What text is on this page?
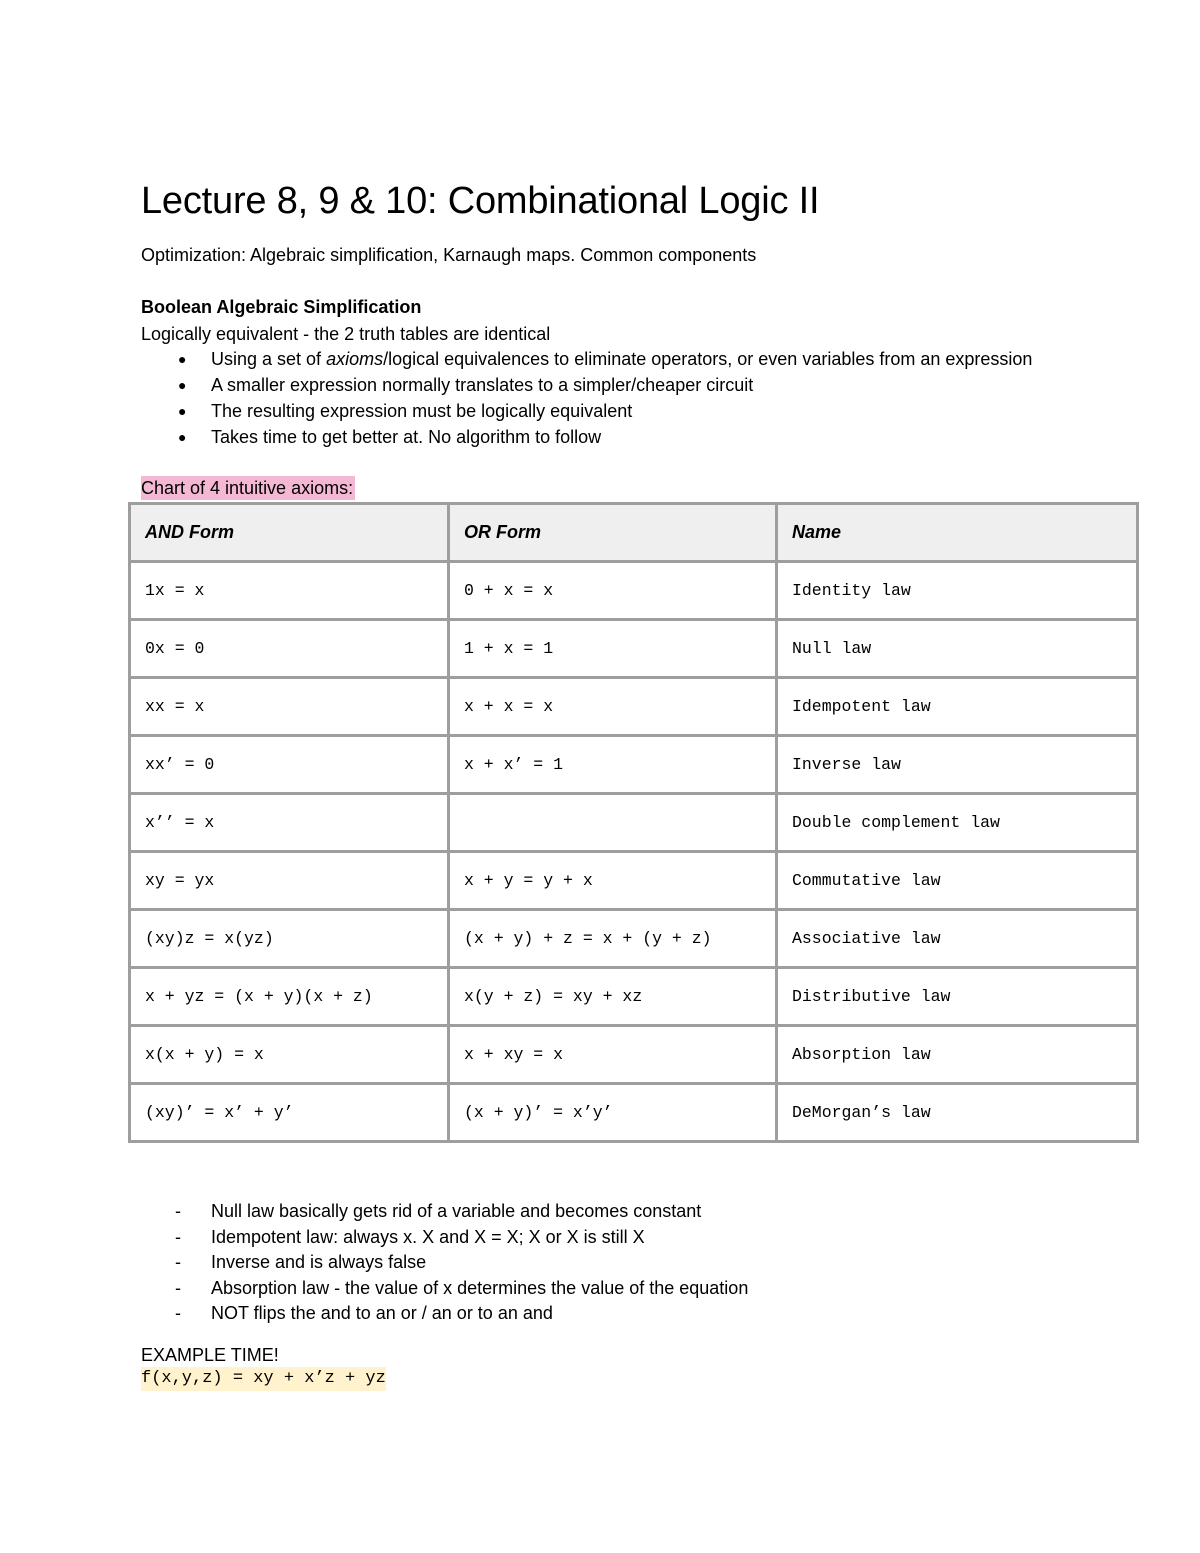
Lecture 8, 9 & 10: Combinational Logic II
Optimization: Algebraic simplification, Karnaugh maps. Common components
Boolean Algebraic Simplification
Logically equivalent - the 2 truth tables are identical
● Using a set of axioms/logical equivalences to eliminate operators, or even variables from an expression
● A smaller expression normally translates to a simpler/cheaper circuit
● The resulting expression must be logically equivalent
● Takes time to get better at. No algorithm to follow
Chart of 4 intuitive axioms:
AND Form	OR Form	Name
1x = x	0 + x = x	Identity law
0x = 0	1 + x = 1	Null law
xx = x	x + x = x	Idempotent law
xx’ = 0	x + x’ = 1	Inverse law
x’’ = x		Double complement law
xy = yx	x + y = y + x	Commutative law
(xy)z = x(yz)	(x + y) + z = x + (y + z)	Associative law
x + yz = (x + y)(x + z)	x(y + z) = xy + xz	Distributive law
x(x + y) = x	x + xy = x	Absorption law
(xy)’ = x’ + y’	(x + y)’ = x’y’	DeMorgan’s law
- Null law basically gets rid of a variable and becomes constant
- Idempotent law: always x. X and X = X; X or X is still X
- Inverse and is always false
- Absorption law - the value of x determines the value of the equation
- NOT flips the and to an or / an or to an and
EXAMPLE TIME!
f(x,y,z) = xy + x’z + yz
